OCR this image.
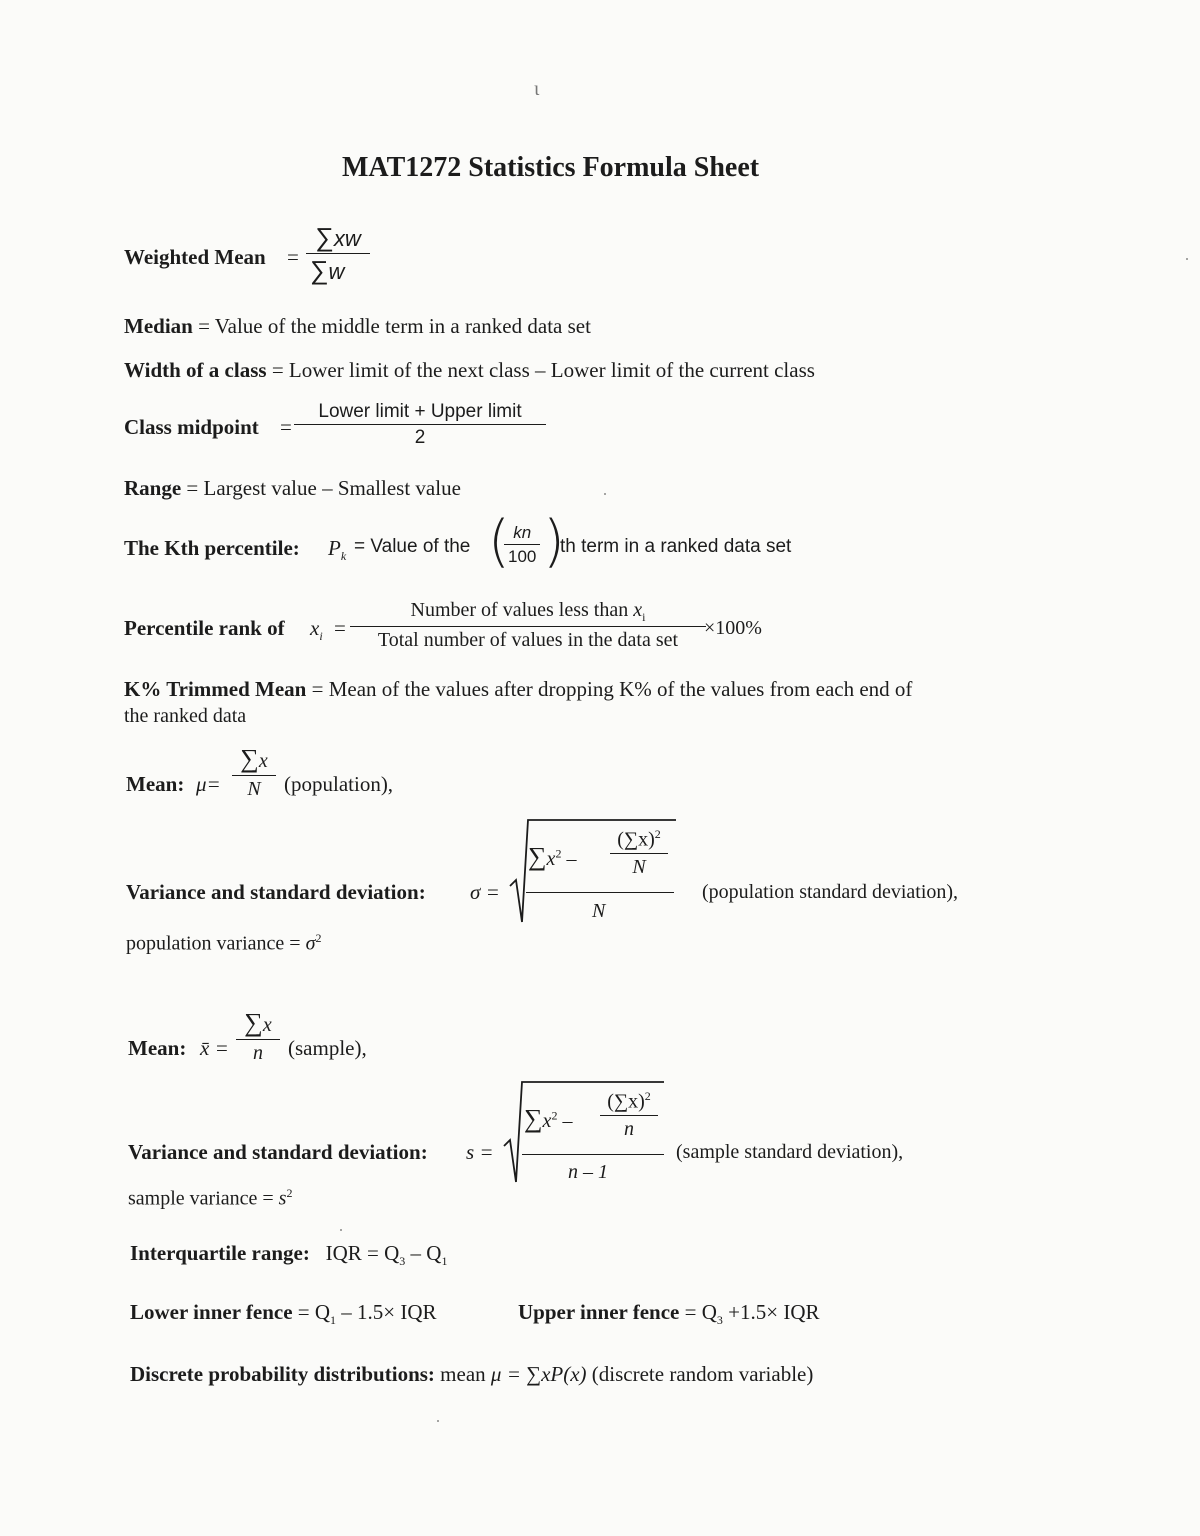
ι
MAT1272 Statistics Formula Sheet
Weighted Mean = $\frac{\sum xw}{\sum w}$
Median = Value of the middle term in a ranked data set
Width of a class = Lower limit of the next class – Lower limit of the current class
Class midpoint =
Lower limit + Upper limit
2
Range = Largest value – Smallest value
The Kth percentile: $P_k$ = Value of the (
$\frac{kn}{100}$ )
th term in a ranked data set
Percentile rank of $x_i$ =
Number of values less than $x_i$
Total number of values in the data set
×100%
K% Trimmed Mean = Mean of the values after dropping K% of the values from each end of
the ranked data
Mean: $\mu= \frac{\sum x}{N}$ (population),
Variance and standard deviation: σ =
$\sum x^2 - \frac{(\sum x)^2}{N}$
N
(population standard deviation),
population variance = $\sigma^2$
Mean: x̄ = $\frac{\sum x}{n}$ (sample),
Variance and standard deviation: s =
$\sum x^2 - \frac{(\sum x)^2}{n}$
n – 1
(sample standard deviation),
sample variance = $s^2$
Interquartile range: IQR = $Q_3 - Q_1$
Lower inner fence = $Q_1 - 1.5\times$ IQR	Upper inner fence = $Q_3 +1.5\times$ IQR
Discrete probability distributions: mean μ = ∑xP(x) (discrete random variable)
